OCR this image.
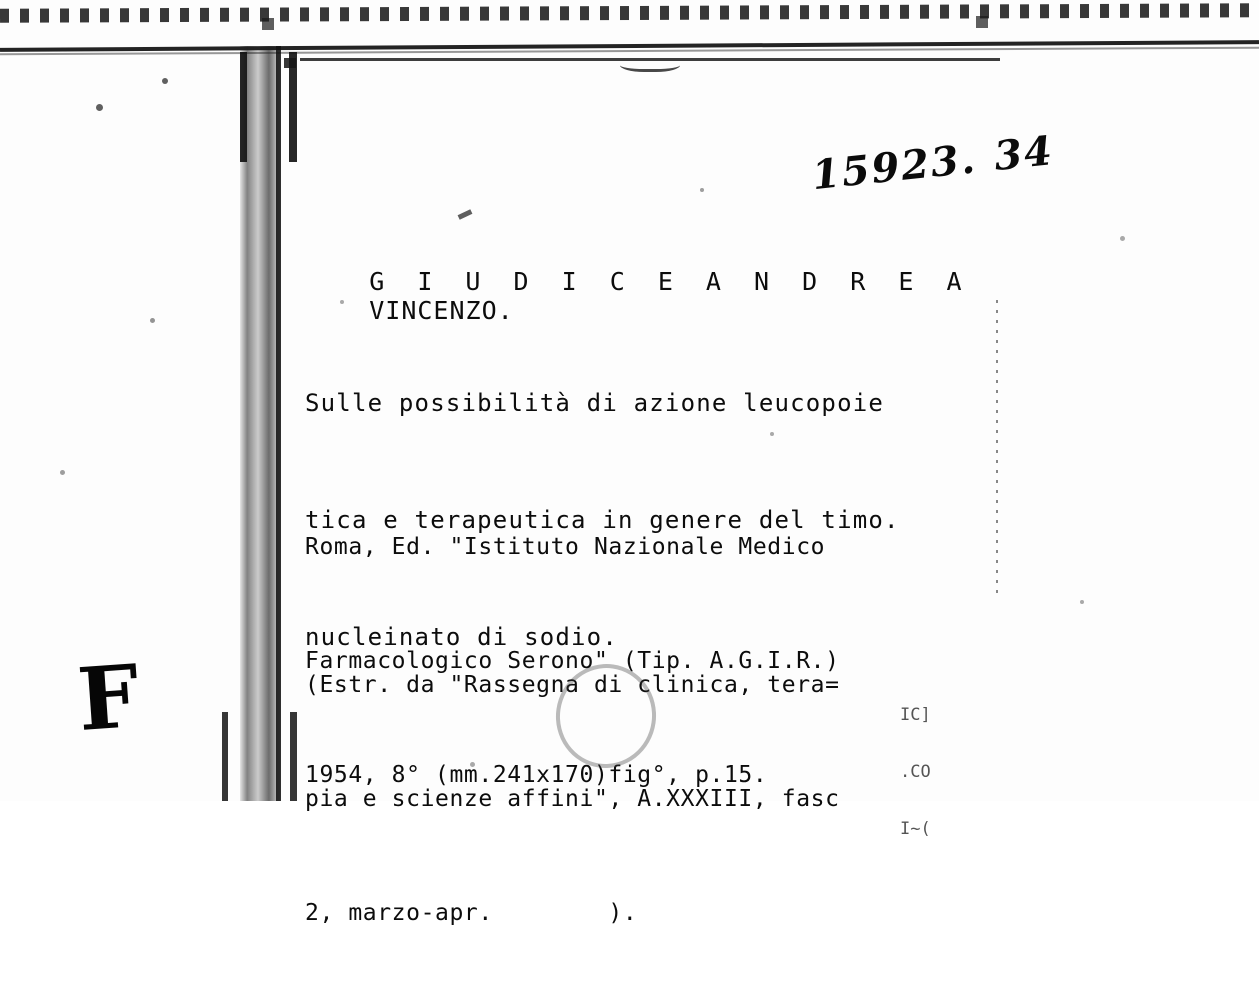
15923. 34

G I U D I C E A N D R E A
VINCENZO.

Sulle possibilità di azione leucopoie

tica e terapeutica in genere del timo.

nucleinato di sodio.

Roma, Ed. "Istituto Nazionale Medico

Farmacologico Serono" (Tip. A.G.I.R.)

1954, 8° (mm.241x170)fig°, p.15.

(Estr. da "Rassegna di clinica, tera=

pia e scienze affini", A.XXXIII, fasc

2, marzo-apr.        ).

IC]

.CO

I~(

F
